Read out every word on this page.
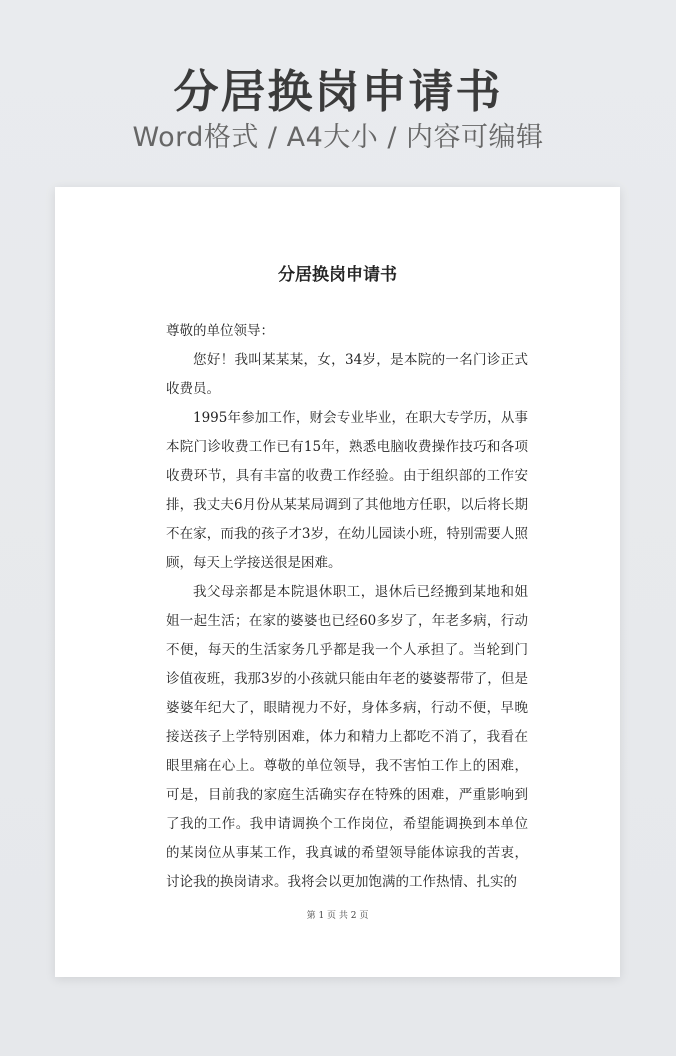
分居换岗申请书
Word格式 / A4大小 / 内容可编辑
分居换岗申请书

尊敬的单位领导：

您好！我叫某某某，女，34岁，是本院的一名门诊正式收费员。

1995年参加工作，财会专业毕业，在职大专学历，从事本院门诊收费工作已有15年，熟悉电脑收费操作技巧和各项收费环节，具有丰富的收费工作经验。由于组织部的工作安排，我丈夫6月份从某某局调到了其他地方任职，以后将长期不在家，而我的孩子才3岁，在幼儿园读小班，特别需要人照顾，每天上学接送很是困难。

我父母亲都是本院退休职工，退休后已经搬到某地和姐姐一起生活；在家的婆婆也已经60多岁了，年老多病，行动不便，每天的生活家务几乎都是我一个人承担了。当轮到门诊值夜班，我那3岁的小孩就只能由年老的婆婆帮带了，但是婆婆年纪大了，眼睛视力不好，身体多病，行动不便，早晚接送孩子上学特别困难，体力和精力上都吃不消了，我看在眼里痛在心上。尊敬的单位领导，我不害怕工作上的困难，可是，目前我的家庭生活确实存在特殊的困难，严重影响到了我的工作。我申请调换个工作岗位，希望能调换到本单位的某岗位从事某工作，我真诚的希望领导能体谅我的苦衷，讨论我的换岗请求。我将会以更加饱满的工作热情、扎实的

第 1 页 共 2 页
